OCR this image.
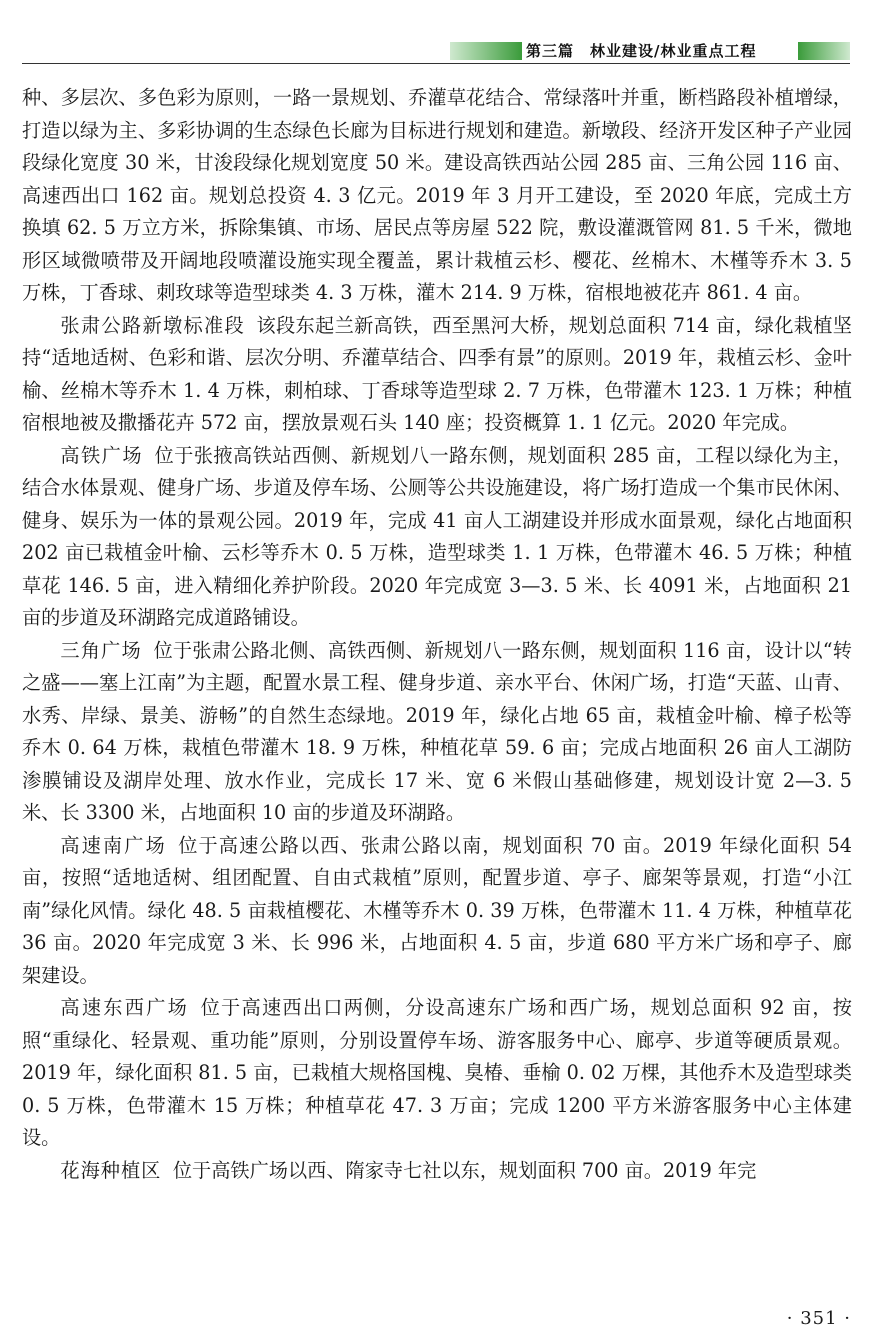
第三篇　林业建设/林业重点工程

种、多层次、多色彩为原则，一路一景规划、乔灌草花结合、常绿落叶并重，断档路段补植增绿，打造以绿为主、多彩协调的生态绿色长廊为目标进行规划和建造。新墩段、经济开发区种子产业园段绿化宽度 30 米，甘浚段绿化规划宽度 50 米。建设高铁西站公园 285 亩、三角公园 116 亩、高速西出口 162 亩。规划总投资 4. 3 亿元。2019 年 3 月开工建设，至 2020 年底，完成土方换填 62. 5 万立方米，拆除集镇、市场、居民点等房屋 522 院，敷设灌溉管网 81. 5 千米，微地形区域微喷带及开阔地段喷灌设施实现全覆盖，累计栽植云杉、樱花、丝棉木、木槿等乔木 3. 5 万株，丁香球、刺玫球等造型球类 4. 3 万株，灌木 214. 9 万株，宿根地被花卉 861. 4 亩。

张肃公路新墩标准段 该段东起兰新高铁，西至黑河大桥，规划总面积 714 亩，绿化栽植坚持“适地适树、色彩和谐、层次分明、乔灌草结合、四季有景”的原则。2019 年，栽植云杉、金叶榆、丝棉木等乔木 1. 4 万株，刺柏球、丁香球等造型球 2. 7 万株，色带灌木 123. 1 万株；种植宿根地被及撒播花卉 572 亩，摆放景观石头 140 座；投资概算 1. 1 亿元。2020 年完成。

高铁广场 位于张掖高铁站西侧、新规划八一路东侧，规划面积 285 亩，工程以绿化为主，结合水体景观、健身广场、步道及停车场、公厕等公共设施建设，将广场打造成一个集市民休闲、健身、娱乐为一体的景观公园。2019 年，完成 41 亩人工湖建设并形成水面景观，绿化占地面积 202 亩已栽植金叶榆、云杉等乔木 0. 5 万株，造型球类 1. 1 万株，色带灌木 46. 5 万株；种植草花 146. 5 亩，进入精细化养护阶段。2020 年完成宽 3—3. 5 米、长 4091 米，占地面积 21 亩的步道及环湖路完成道路铺设。

三角广场 位于张肃公路北侧、高铁西侧、新规划八一路东侧，规划面积 116 亩，设计以“转之盛——塞上江南”为主题，配置水景工程、健身步道、亲水平台、休闲广场，打造“天蓝、山青、水秀、岸绿、景美、游畅”的自然生态绿地。2019 年，绿化占地 65 亩，栽植金叶榆、樟子松等乔木 0. 64 万株，栽植色带灌木 18. 9 万株，种植花草 59. 6 亩；完成占地面积 26 亩人工湖防渗膜铺设及湖岸处理、放水作业，完成长 17 米、宽 6 米假山基础修建，规划设计宽 2—3. 5 米、长 3300 米，占地面积 10 亩的步道及环湖路。

高速南广场 位于高速公路以西、张肃公路以南，规划面积 70 亩。2019 年绿化面积 54 亩，按照“适地适树、组团配置、自由式栽植”原则，配置步道、亭子、廊架等景观，打造“小江南”绿化风情。绿化 48. 5 亩栽植樱花、木槿等乔木 0. 39 万株，色带灌木 11. 4 万株，种植草花 36 亩。2020 年完成宽 3 米、长 996 米，占地面积 4. 5 亩，步道 680 平方米广场和亭子、廊架建设。

高速东西广场 位于高速西出口两侧，分设高速东广场和西广场，规划总面积 92 亩，按照“重绿化、轻景观、重功能”原则，分别设置停车场、游客服务中心、廊亭、步道等硬质景观。2019 年，绿化面积 81. 5 亩，已栽植大规格国槐、臭椿、垂榆 0. 02 万棵，其他乔木及造型球类 0. 5 万株，色带灌木 15 万株；种植草花 47. 3 万亩；完成 1200 平方米游客服务中心主体建设。

花海种植区 位于高铁广场以西、隋家寺七社以东，规划面积 700 亩。2019 年完

· 351 ·
